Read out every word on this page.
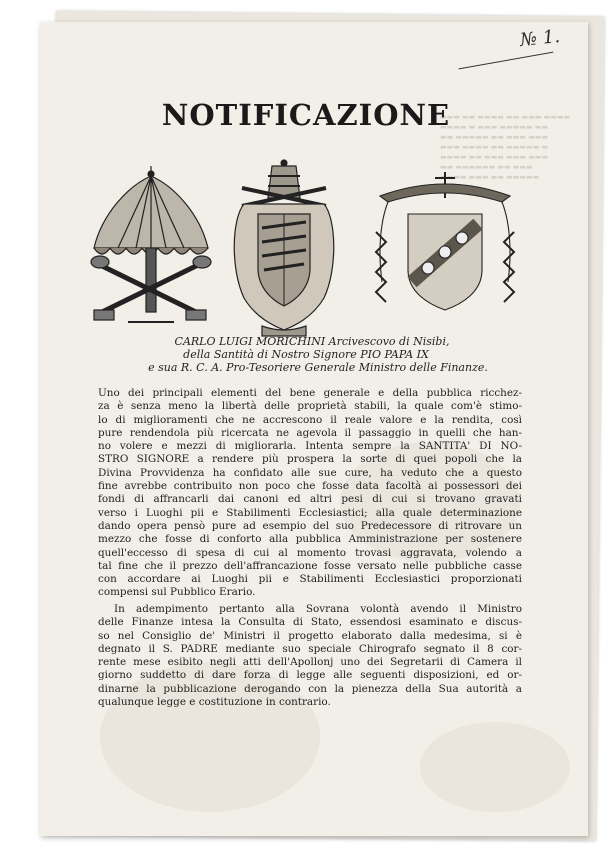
№ 1.
▬▬▬ ▬▬ ▬▬▬▬ ▬▬ ▬▬▬ ▬▬▬▬
▬▬▬▬ ▬ ▬▬▬ ▬▬▬▬▬ ▬▬
▬▬ ▬▬▬▬▬ ▬▬ ▬▬▬ ▬▬▬
▬▬▬ ▬▬▬▬ ▬▬ ▬▬▬▬▬ ▬
▬▬▬▬ ▬▬ ▬▬▬ ▬▬▬ ▬▬▬
▬▬ ▬▬▬▬▬▬ ▬▬ ▬▬▬
▬▬▬▬ ▬▬▬ ▬▬ ▬▬▬▬▬
NOTIFICAZIONE
CARLO LUIGI MORICHINI Arcivescovo di Nisibi,
della Santità di Nostro Signore PIO PAPA IX
e sua R. C. A. Pro-Tesoriere Generale Ministro delle Finanze.
Uno dei principali elementi del bene generale e della pubblica ricchez-
za è senza meno la libertà delle proprietà stabili, la quale com'è stimo-
lo di miglioramenti che ne accrescono il reale valore e la rendita, così
pure rendendola più ricercata ne agevola il passaggio in quelli che han-
no volere e mezzi di migliorarla. Intenta sempre la SANTITA' DI NO-
STRO SIGNORE a rendere più prospera la sorte di quei popoli che la
Divina Provvidenza ha confidato alle sue cure, ha veduto che a questo
fine avrebbe contribuito non poco che fosse data facoltà ai possessori dei
fondi di affrancarli dai canoni ed altri pesi di cui si trovano gravati
verso i Luoghi pii e Stabilimenti Ecclesiastici; alla quale determinazione
dando opera pensò pure ad esempio del suo Predecessore di ritrovare un
mezzo che fosse di conforto alla pubblica Amministrazione per sostenere
quell'eccesso di spesa di cui al momento trovasi aggravata, volendo a
tal fine che il prezzo dell'affrancazione fosse versato nelle pubbliche casse
con accordare ai Luoghi pii e Stabilimenti Ecclesiastici proporzionati
compensi sul Pubblico Erario.
In adempimento pertanto alla Sovrana volontà avendo il Ministro
delle Finanze intesa la Consulta di Stato, essendosi esaminato e discus-
so nel Consiglio de' Ministri il progetto elaborato dalla medesima, si è
degnato il S. PADRE mediante suo speciale Chirografo segnato il 8 cor-
rente mese esibito negli atti dell'Apollonj uno dei Segretarii di Camera il
giorno suddetto di dare forza di legge alle seguenti disposizioni, ed or-
dinarne la pubblicazione derogando con la pienezza della Sua autorità a
qualunque legge e costituzione in contrario.
